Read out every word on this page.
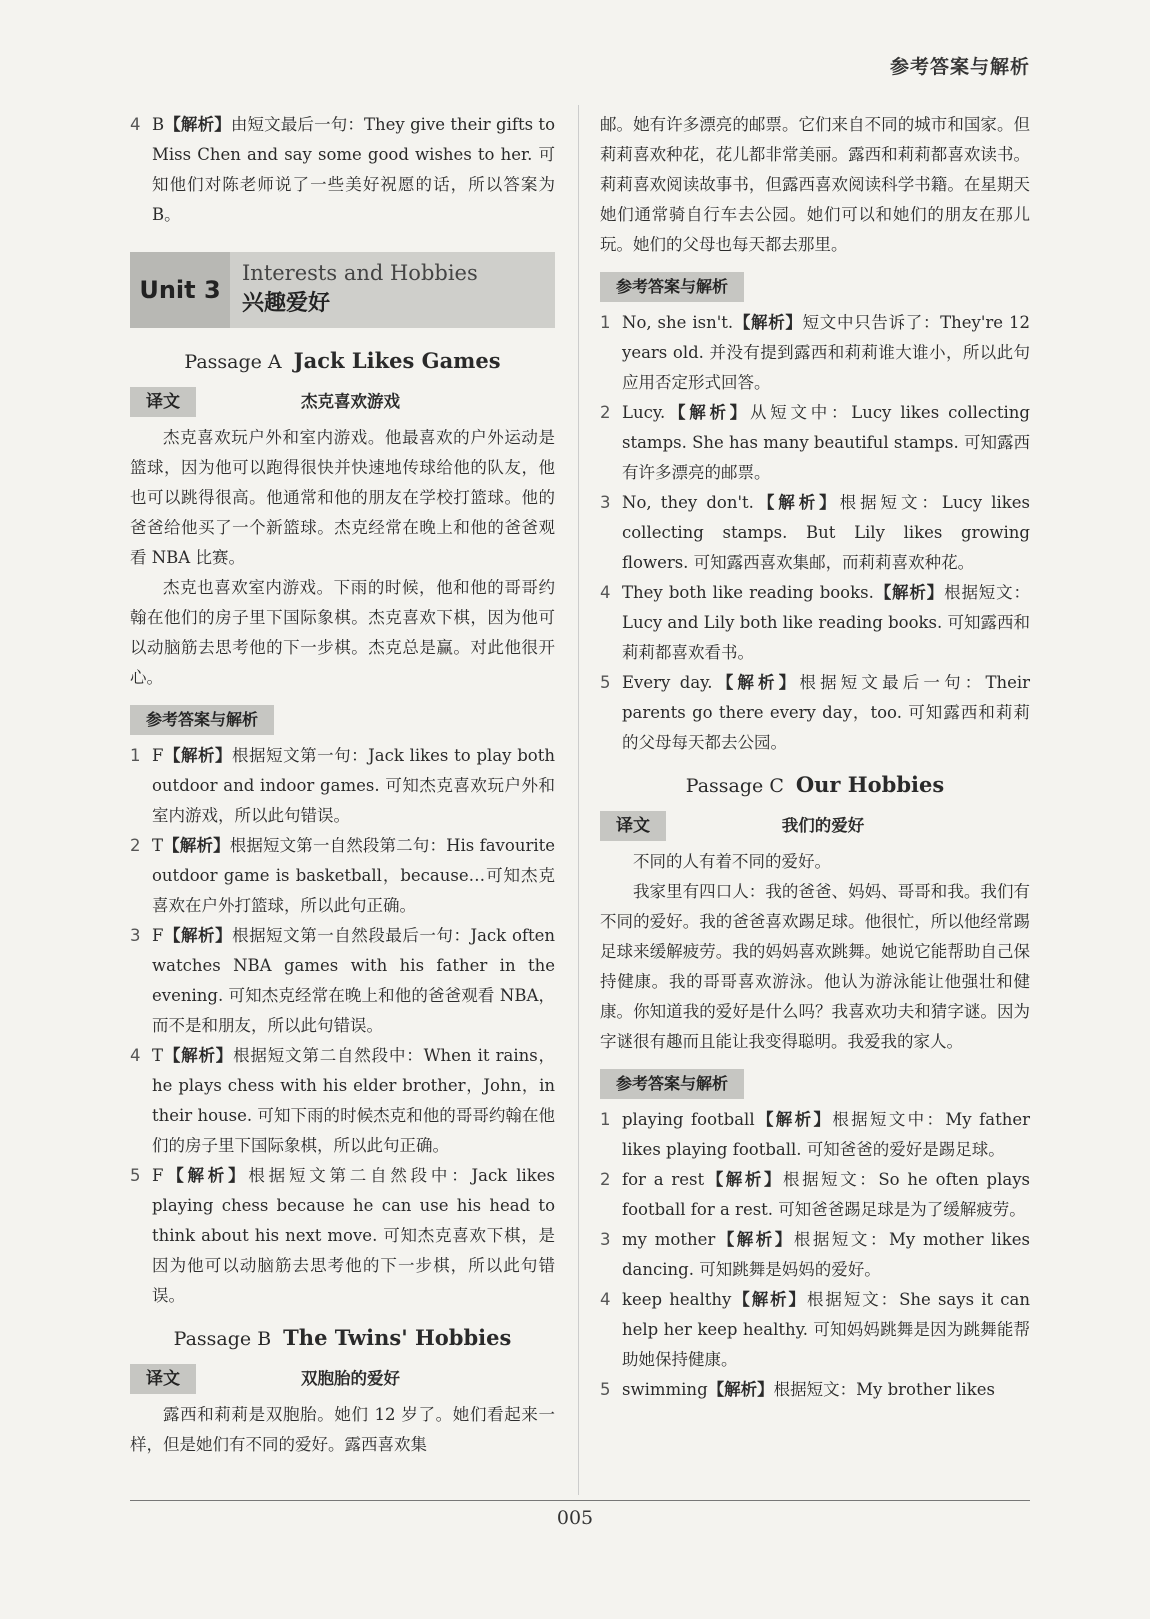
参考答案与解析
4 B【解析】由短文最后一句：They give their gifts to Miss Chen and say some good wishes to her. 可知他们对陈老师说了一些美好祝愿的话，所以答案为 B。
Unit 3
Interests and Hobbies
兴趣爱好
Passage A Jack Likes Games
译文	杰克喜欢游戏

杰克喜欢玩户外和室内游戏。他最喜欢的户外运动是篮球，因为他可以跑得很快并快速地传球给他的队友，他也可以跳得很高。他通常和他的朋友在学校打篮球。他的爸爸给他买了一个新篮球。杰克经常在晚上和他的爸爸观看 NBA 比赛。

杰克也喜欢室内游戏。下雨的时候，他和他的哥哥约翰在他们的房子里下国际象棋。杰克喜欢下棋，因为他可以动脑筋去思考他的下一步棋。杰克总是赢。对此他很开心。

参考答案与解析
1 F【解析】根据短文第一句：Jack likes to play both outdoor and indoor games. 可知杰克喜欢玩户外和室内游戏，所以此句错误。
2 T【解析】根据短文第一自然段第二句：His favourite outdoor game is basketball，because…可知杰克喜欢在户外打篮球，所以此句正确。
3 F【解析】根据短文第一自然段最后一句：Jack often watches NBA games with his father in the evening. 可知杰克经常在晚上和他的爸爸观看 NBA，而不是和朋友，所以此句错误。
4 T【解析】根据短文第二自然段中：When it rains，he plays chess with his elder brother，John，in their house. 可知下雨的时候杰克和他的哥哥约翰在他们的房子里下国际象棋，所以此句正确。
5 F【解析】根据短文第二自然段中：Jack likes playing chess because he can use his head to think about his next move. 可知杰克喜欢下棋，是因为他可以动脑筋去思考他的下一步棋，所以此句错误。
Passage B The Twins' Hobbies
译文	双胞胎的爱好

露西和莉莉是双胞胎。她们 12 岁了。她们看起来一样，但是她们有不同的爱好。露西喜欢集

邮。她有许多漂亮的邮票。它们来自不同的城市和国家。但莉莉喜欢种花，花儿都非常美丽。露西和莉莉都喜欢读书。莉莉喜欢阅读故事书，但露西喜欢阅读科学书籍。在星期天她们通常骑自行车去公园。她们可以和她们的朋友在那儿玩。她们的父母也每天都去那里。

参考答案与解析
1 No, she isn't.【解析】短文中只告诉了：They're 12 years old. 并没有提到露西和莉莉谁大谁小，所以此句应用否定形式回答。
2 Lucy.【解析】从短文中：Lucy likes collecting stamps. She has many beautiful stamps. 可知露西有许多漂亮的邮票。
3 No, they don't.【解析】根据短文：Lucy likes collecting stamps. But Lily likes growing flowers. 可知露西喜欢集邮，而莉莉喜欢种花。
4 They both like reading books.【解析】根据短文：Lucy and Lily both like reading books. 可知露西和莉莉都喜欢看书。
5 Every day.【解析】根据短文最后一句：Their parents go there every day，too. 可知露西和莉莉的父母每天都去公园。
Passage C Our Hobbies
译文	我们的爱好

不同的人有着不同的爱好。

我家里有四口人：我的爸爸、妈妈、哥哥和我。我们有不同的爱好。我的爸爸喜欢踢足球。他很忙，所以他经常踢足球来缓解疲劳。我的妈妈喜欢跳舞。她说它能帮助自己保持健康。我的哥哥喜欢游泳。他认为游泳能让他强壮和健康。你知道我的爱好是什么吗？我喜欢功夫和猜字谜。因为字谜很有趣而且能让我变得聪明。我爱我的家人。

参考答案与解析
1 playing football【解析】根据短文中：My father likes playing football. 可知爸爸的爱好是踢足球。
2 for a rest【解析】根据短文：So he often plays football for a rest. 可知爸爸踢足球是为了缓解疲劳。
3 my mother【解析】根据短文：My mother likes dancing. 可知跳舞是妈妈的爱好。
4 keep healthy【解析】根据短文：She says it can help her keep healthy. 可知妈妈跳舞是因为跳舞能帮助她保持健康。
5 swimming【解析】根据短文：My brother likes
005
